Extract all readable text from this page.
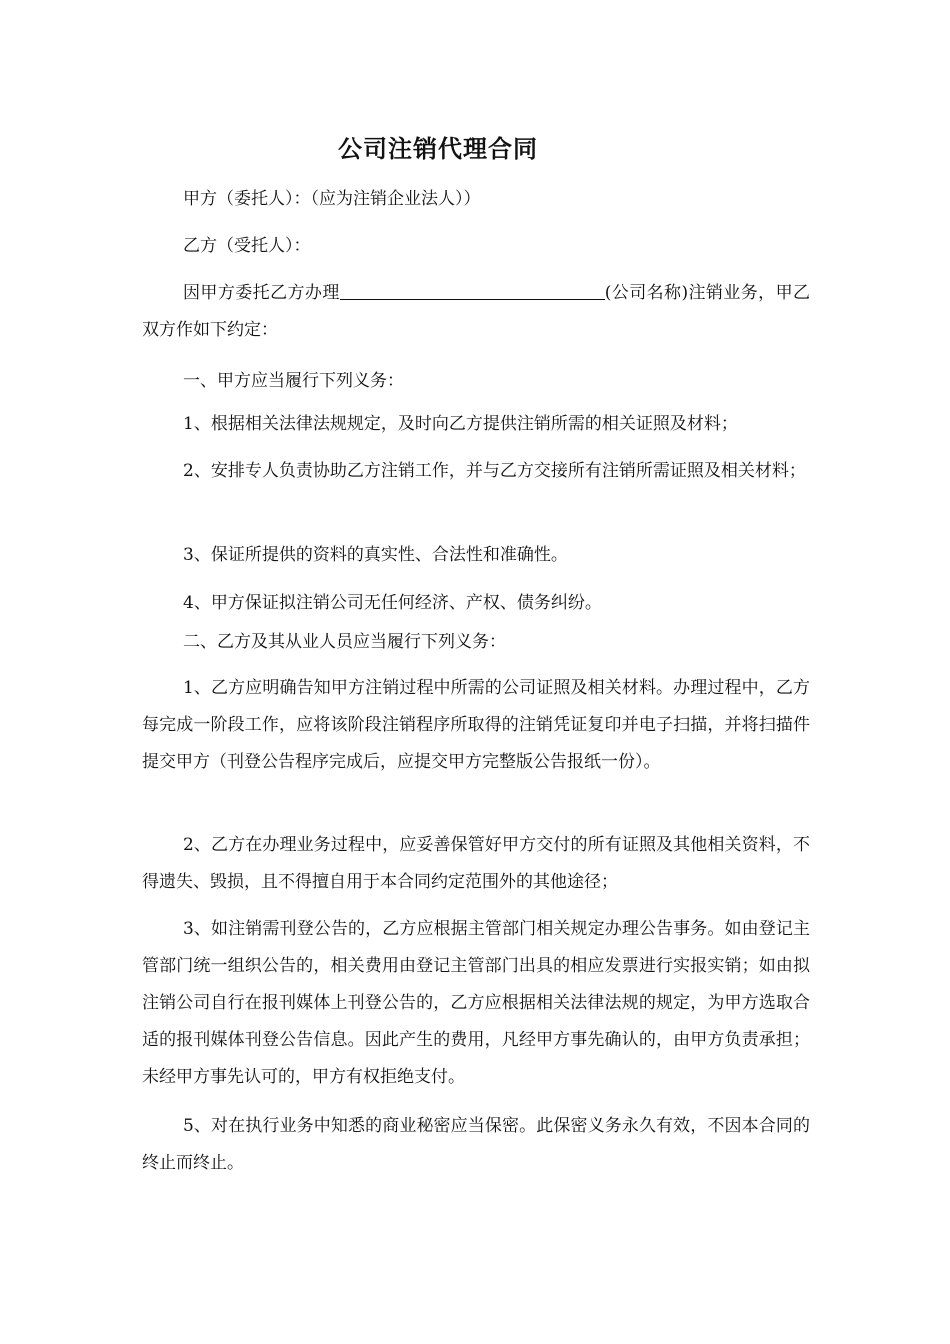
公司注销代理合同

甲方（委托人）：（应为注销企业法人））

乙方（受托人）：

因甲方委托乙方办理	(公司名称)注销业务，甲乙双方作如下约定：

一、甲方应当履行下列义务：

1、根据相关法律法规规定，及时向乙方提供注销所需的相关证照及材料；

2、安排专人负责协助乙方注销工作，并与乙方交接所有注销所需证照及相关材料；

3、保证所提供的资料的真实性、合法性和准确性。

4、甲方保证拟注销公司无任何经济、产权、债务纠纷。

二、乙方及其从业人员应当履行下列义务：

1、乙方应明确告知甲方注销过程中所需的公司证照及相关材料。办理过程中，乙方每完成一阶段工作，应将该阶段注销程序所取得的注销凭证复印并电子扫描，并将扫描件提交甲方（刊登公告程序完成后，应提交甲方完整版公告报纸一份）。

2、乙方在办理业务过程中，应妥善保管好甲方交付的所有证照及其他相关资料，不得遗失、毁损，且不得擅自用于本合同约定范围外的其他途径；

3、如注销需刊登公告的，乙方应根据主管部门相关规定办理公告事务。如由登记主管部门统一组织公告的，相关费用由登记主管部门出具的相应发票进行实报实销；如由拟注销公司自行在报刊媒体上刊登公告的，乙方应根据相关法律法规的规定，为甲方选取合适的报刊媒体刊登公告信息。因此产生的费用，凡经甲方事先确认的，由甲方负责承担；未经甲方事先认可的，甲方有权拒绝支付。

5、对在执行业务中知悉的商业秘密应当保密。此保密义务永久有效，不因本合同的终止而终止。
